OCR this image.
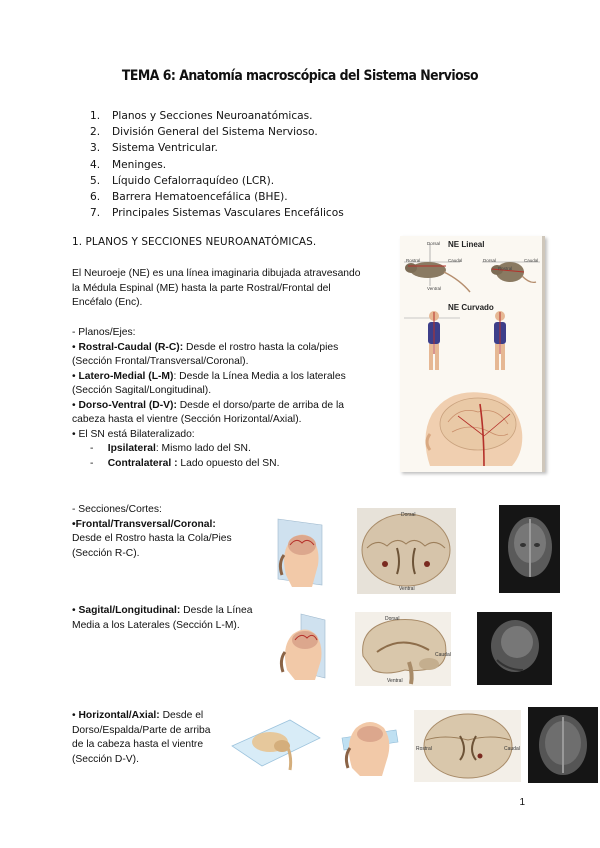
TEMA 6: Anatomía macroscópica del Sistema Nervioso
1. Planos y Secciones Neuroanatómicas.
2. División General del Sistema Nervioso.
3. Sistema Ventricular.
4. Meninges.
5. Líquido Cefalorraquídeo (LCR).
6. Barrera Hematoencefálica (BHE).
7. Principales Sistemas Vasculares Encefálicos
1. PLANOS Y SECCIONES NEUROANATÓMICAS.
El Neuroeje (NE) es una línea imaginaria dibujada atravesando
la Médula Espinal (ME) hasta la parte Rostral/Frontal del
Encéfalo (Enc).
- Planos/Ejes:
• Rostral-Caudal (R-C): Desde el rostro hasta la cola/pies
(Sección Frontal/Transversal/Coronal).
• Latero-Medial (L-M): Desde la Línea Media a los laterales
(Sección Sagital/Longitudinal).
• Dorso-Ventral (D-V): Desde el dorso/parte de arriba de la
cabeza hasta el vientre (Sección Horizontal/Axial).
• El SN está Bilateralizado:
-     Ipsilateral: Mismo lado del SN.
-     Contralateral : Lado opuesto del SN.
NE Lineal
NE Curvado
Dorsal
Rostral	Caudal
Ventral
Dorsal
Rostral
Caudal
- Secciones/Cortes:
•Frontal/Transversal/Coronal:
Desde el Rostro hasta la Cola/Pies
(Sección R-C).
Dorsal
Ventral
• Sagital/Longitudinal: Desde la Línea
Media a los Laterales (Sección L-M).
Dorsal
Caudal
Ventral
• Horizontal/Axial: Desde el
Dorso/Espalda/Parte de arriba
de la cabeza hasta el vientre
(Sección D-V).
Rostral	Caudal
1
